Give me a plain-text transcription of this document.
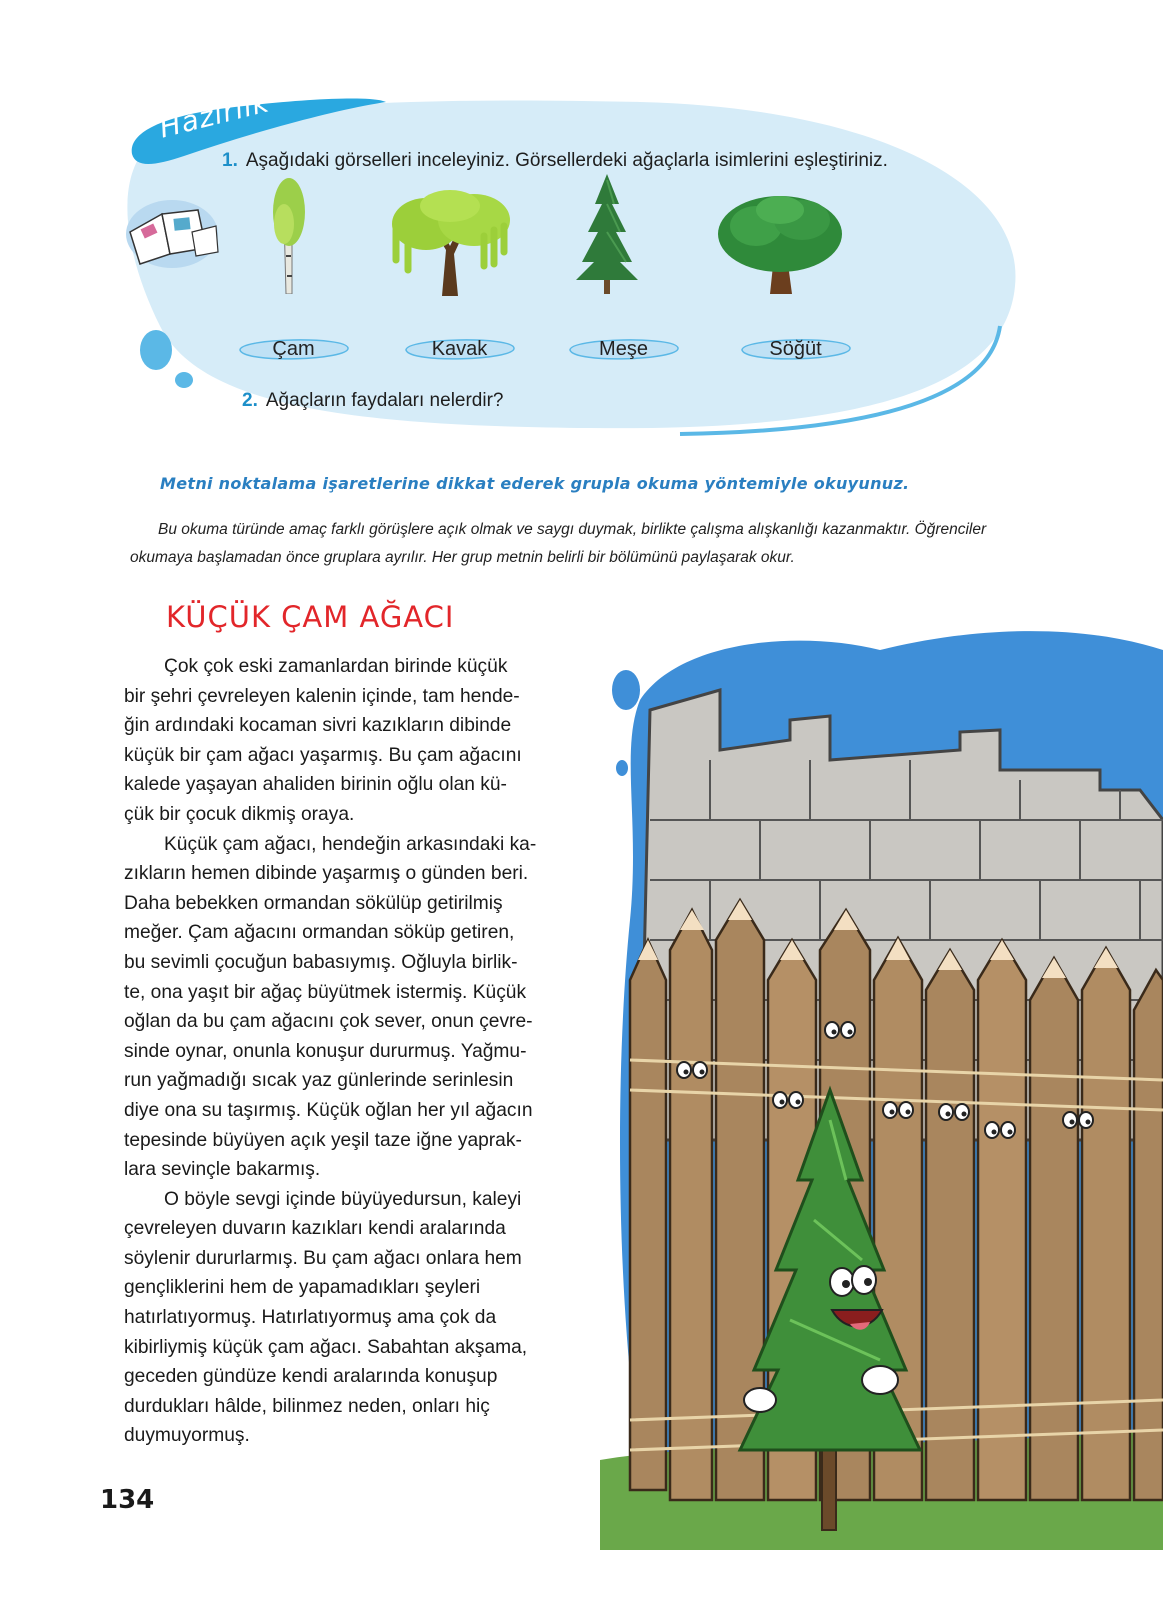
Hazırlık
1. Aşağıdaki görselleri inceleyiniz. Görsellerdeki ağaçlarla isimlerini eşleştiriniz.
Çam	Kavak	Meşe	Söğüt
2. Ağaçların faydaları nelerdir?
Metni noktalama işaretlerine dikkat ederek grupla okuma yöntemiyle okuyunuz.
Bu okuma türünde amaç farklı görüşlere açık olmak ve saygı duymak, birlikte çalışma alışkanlığı kazanmaktır. Öğrenciler
okumaya başlamadan önce gruplara ayrılır. Her grup metnin belirli bir bölümünü paylaşarak okur.
KÜÇÜK ÇAM AĞACI

Çok çok eski zamanlardan birinde küçük
bir şehri çevreleyen kalenin içinde, tam hende-
ğin ardındaki kocaman sivri kazıkların dibinde
küçük bir çam ağacı yaşarmış. Bu çam ağacını
kalede yaşayan ahaliden birinin oğlu olan kü-
çük bir çocuk dikmiş oraya.

Küçük çam ağacı, hendeğin arkasındaki ka-
zıkların hemen dibinde yaşarmış o günden beri.
Daha bebekken ormandan sökülüp getirilmiş
meğer. Çam ağacını ormandan söküp getiren,
bu sevimli çocuğun babasıymış. Oğluyla birlik-
te, ona yaşıt bir ağaç büyütmek istermiş. Küçük
oğlan da bu çam ağacını çok sever, onun çevre-
sinde oynar, onunla konuşur dururmuş. Yağmu-
run yağmadığı sıcak yaz günlerinde serinlesin
diye ona su taşırmış. Küçük oğlan her yıl ağacın
tepesinde büyüyen açık yeşil taze iğne yaprak-
lara sevinçle bakarmış.

O böyle sevgi içinde büyüyedursun, kaleyi
çevreleyen duvarın kazıkları kendi aralarında
söylenir dururlarmış. Bu çam ağacı onlara hem
gençliklerini hem de yapamadıkları şeyleri
hatırlatıyormuş. Hatırlatıyormuş ama çok da
kibirliymiş küçük çam ağacı. Sabahtan akşama,
geceden gündüze kendi aralarında konuşup
durdukları hâlde, bilinmez neden, onları hiç
duymuyormuş.

134
